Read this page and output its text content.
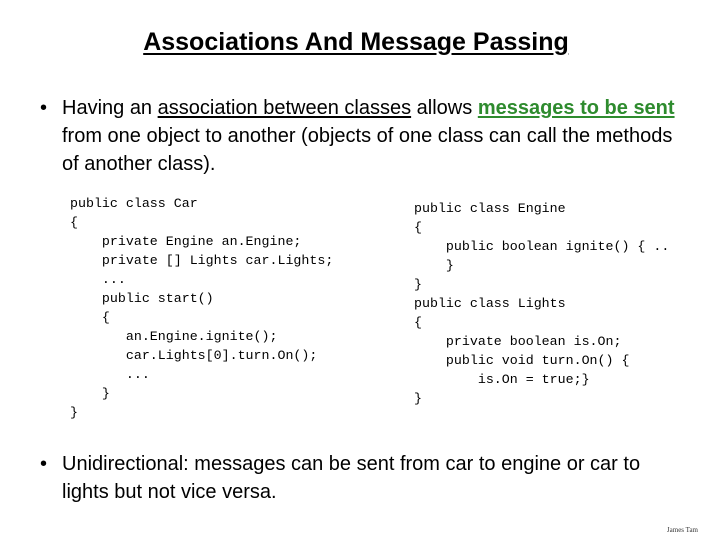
Associations And Message Passing
• Having an association between classes allows messages to be sent from one object to another (objects of one class can call the methods of another class).
public class Car
{
private Engine an.Engine;
private [] Lights car.Lights;
...
public start()
{
an.Engine.ignite();
car.Lights[0].turn.On();
...
}
}
public class Engine
{
public boolean ignite() { ..
}
}
public class Lights
{
private boolean is.On;
public void turn.On() {
is.On = true;}
}
• Unidirectional: messages can be sent from car to engine or car to lights but not vice versa.
James Tam
